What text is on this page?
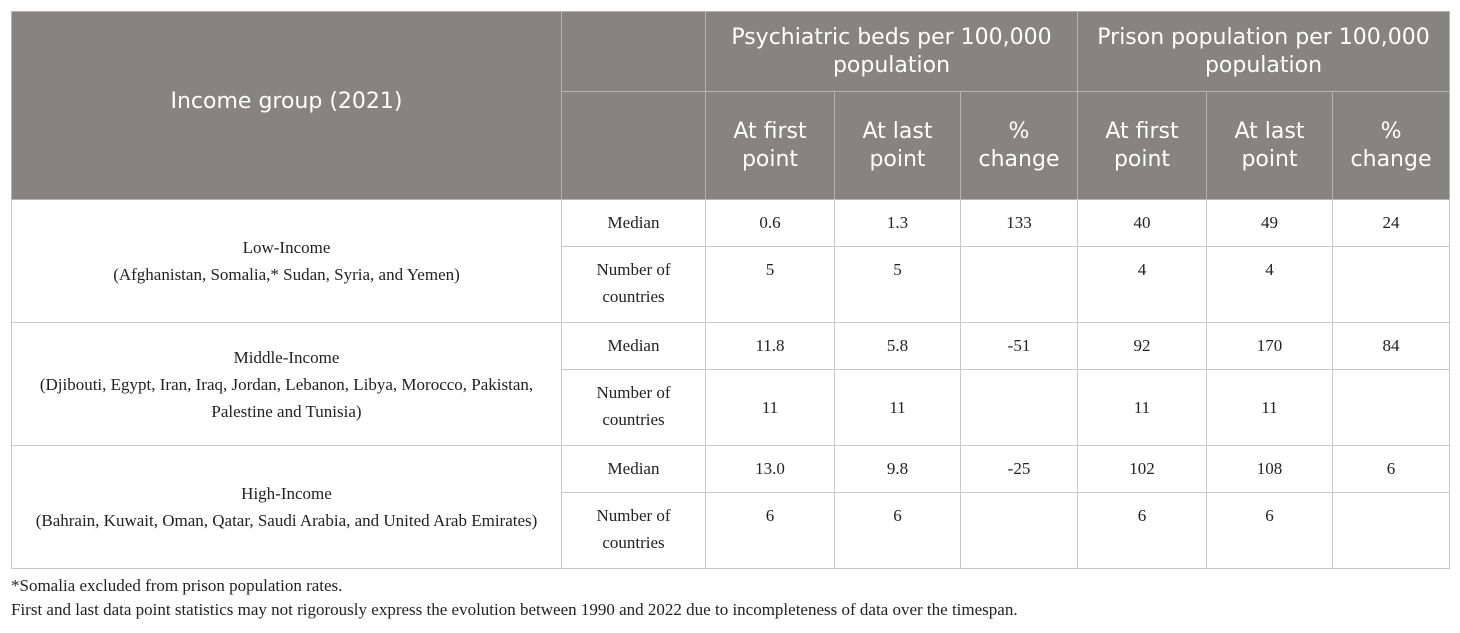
Income group (2021)		Psychiatric beds per 100,000 population			Prison population per 100,000 population		
		At first point	At last point	% change	At first point	At last point	% change

Low-Income
(Afghanistan, Somalia,* Sudan, Syria, and Yemen)	Median	0.6	1.3	133	40	49	24
	Number of countries	5	5		4	4	

Middle-Income
(Djibouti, Egypt, Iran, Iraq, Jordan, Lebanon, Libya, Morocco, Pakistan, Palestine and Tunisia)	Median	11.8	5.8	-51	92	170	84
	Number of countries	11	11		11	11	

High-Income
(Bahrain, Kuwait, Oman, Qatar, Saudi Arabia, and United Arab Emirates)	Median	13.0	9.8	-25	102	108	6
	Number of countries	6	6		6	6	
*Somalia excluded from prison population rates.
First and last data point statistics may not rigorously express the evolution between 1990 and 2022 due to incompleteness of data over the timespan.
